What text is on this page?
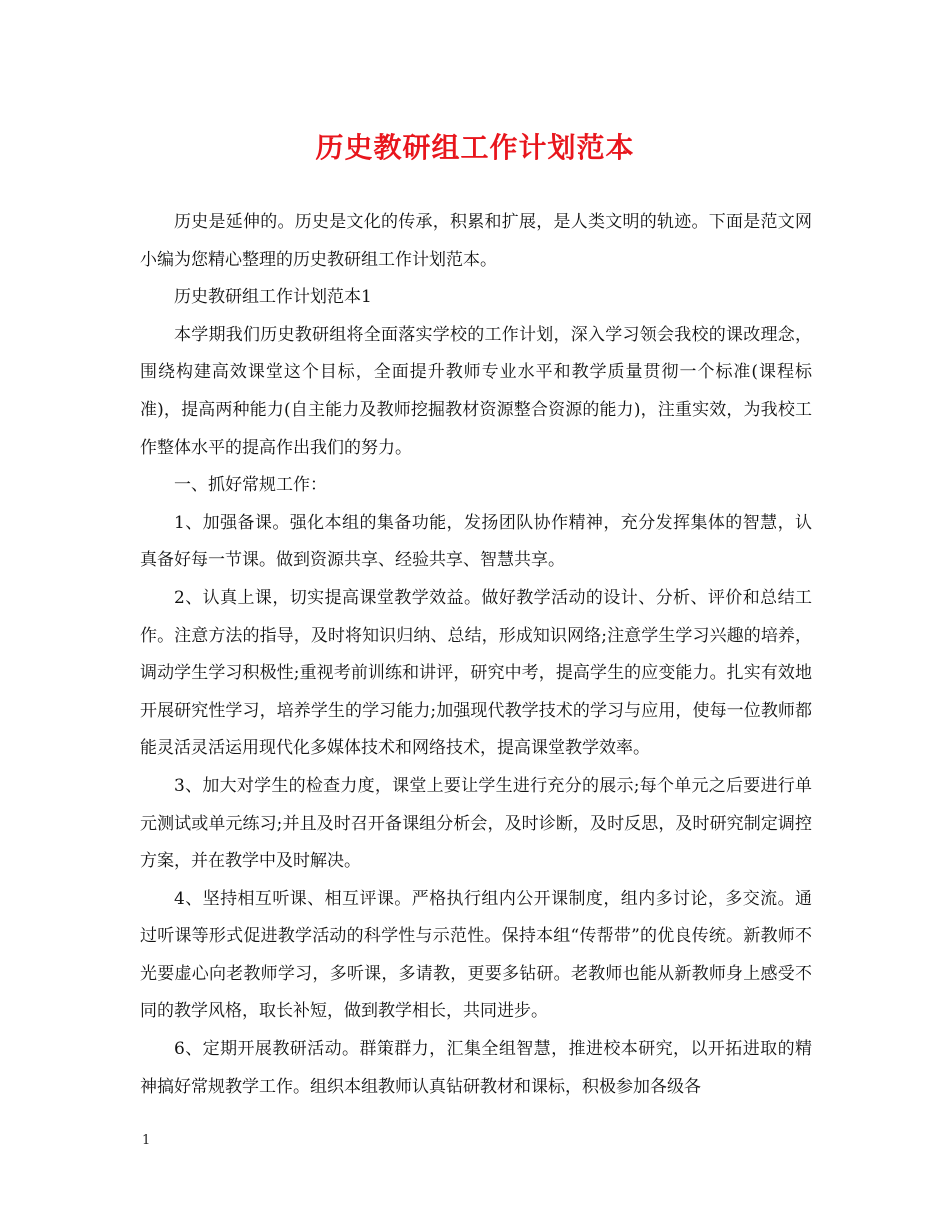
历史教研组工作计划范本

历史是延伸的。历史是文化的传承，积累和扩展，是人类文明的轨迹。下面是范文网小编为您精心整理的历史教研组工作计划范本。

历史教研组工作计划范本1

本学期我们历史教研组将全面落实学校的工作计划，深入学习领会我校的课改理念，围绕构建高效课堂这个目标，全面提升教师专业水平和教学质量贯彻一个标准(课程标准)，提高两种能力(自主能力及教师挖掘教材资源整合资源的能力)，注重实效，为我校工作整体水平的提高作出我们的努力。

一、抓好常规工作：

1、加强备课。强化本组的集备功能，发扬团队协作精神，充分发挥集体的智慧，认真备好每一节课。做到资源共享、经验共享、智慧共享。

2、认真上课，切实提高课堂教学效益。做好教学活动的设计、分析、评价和总结工作。注意方法的指导，及时将知识归纳、总结，形成知识网络;注意学生学习兴趣的培养，调动学生学习积极性;重视考前训练和讲评，研究中考，提高学生的应变能力。扎实有效地开展研究性学习，培养学生的学习能力;加强现代教学技术的学习与应用，使每一位教师都能灵活灵活运用现代化多媒体技术和网络技术，提高课堂教学效率。

3、加大对学生的检查力度，课堂上要让学生进行充分的展示;每个单元之后要进行单元测试或单元练习;并且及时召开备课组分析会，及时诊断，及时反思，及时研究制定调控方案，并在教学中及时解决。

4、坚持相互听课、相互评课。严格执行组内公开课制度，组内多讨论，多交流。通过听课等形式促进教学活动的科学性与示范性。保持本组“传帮带”的优良传统。新教师不光要虚心向老教师学习，多听课，多请教，更要多钻研。老教师也能从新教师身上感受不同的教学风格，取长补短，做到教学相长，共同进步。

6、定期开展教研活动。群策群力，汇集全组智慧，推进校本研究，以开拓进取的精神搞好常规教学工作。组织本组教师认真钻研教材和课标，积极参加各级各

1
